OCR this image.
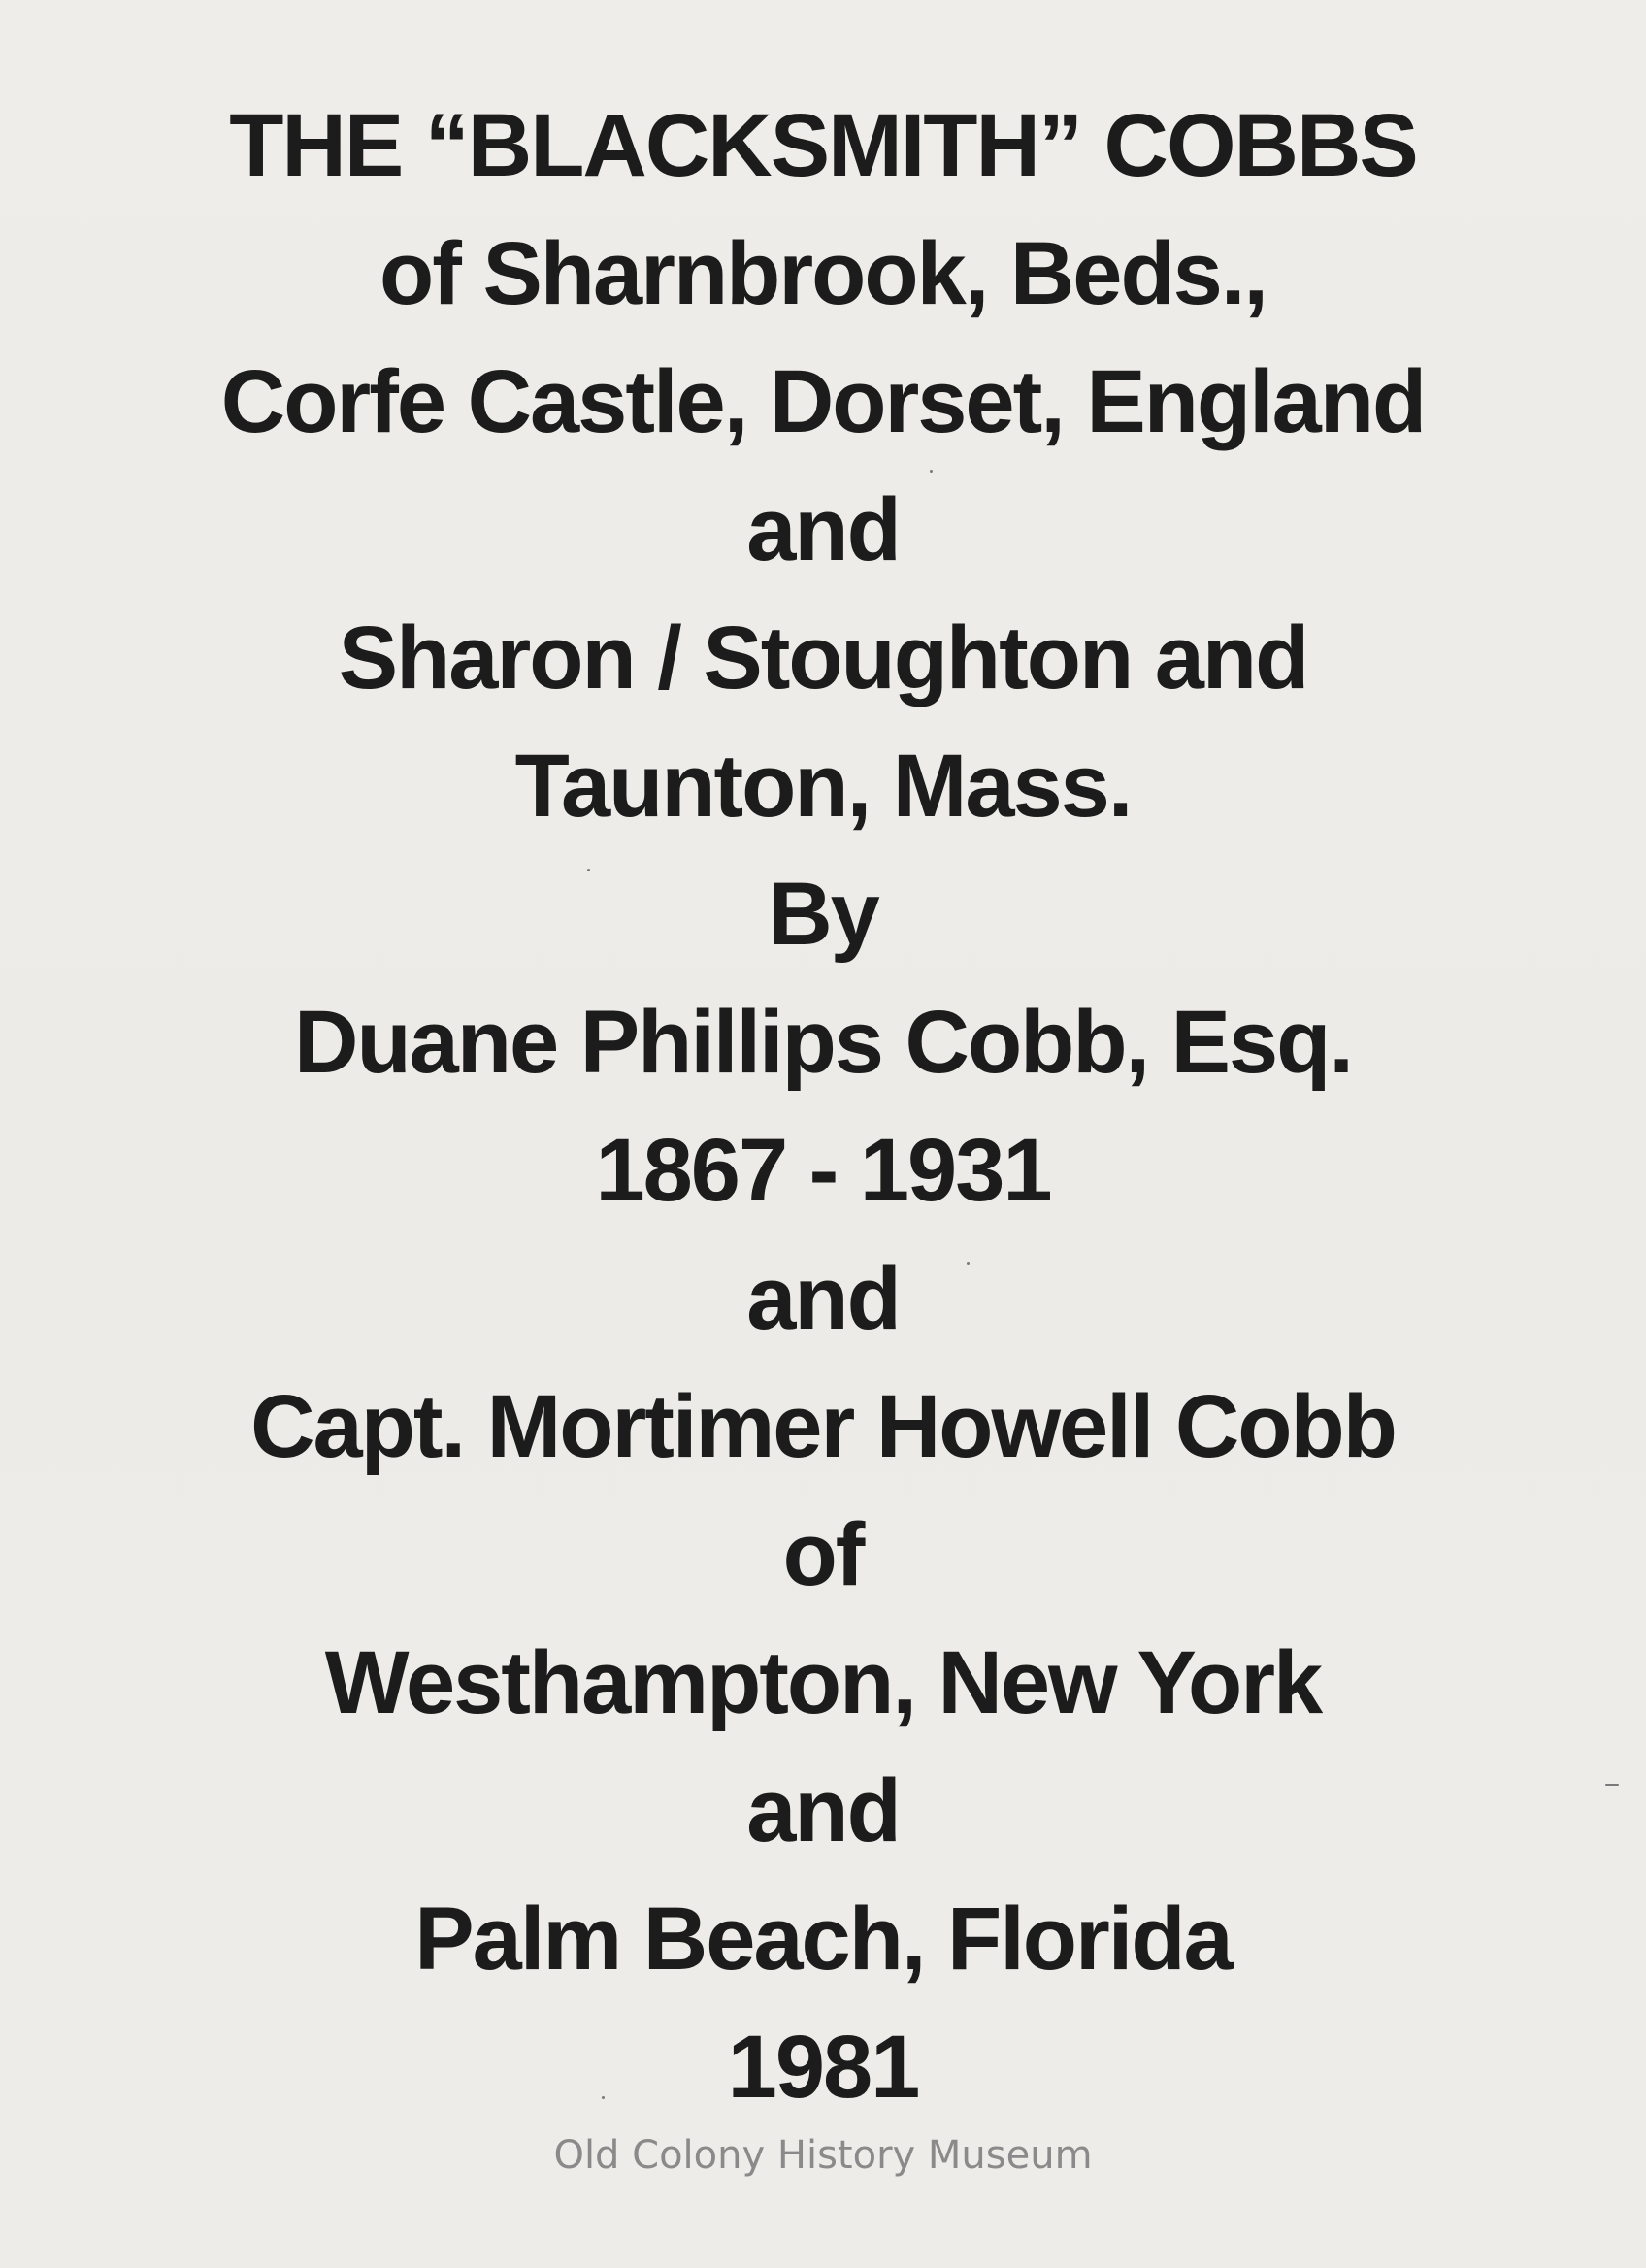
THE “BLACKSMITH” COBBS
of Sharnbrook, Beds.,
Corfe Castle, Dorset, England
and
Sharon / Stoughton and
Taunton, Mass.
By
Duane Phillips Cobb, Esq.
1867 - 1931
and
Capt. Mortimer Howell Cobb
of
Westhampton, New York
and
Palm Beach, Florida
1981
Old Colony History Museum
